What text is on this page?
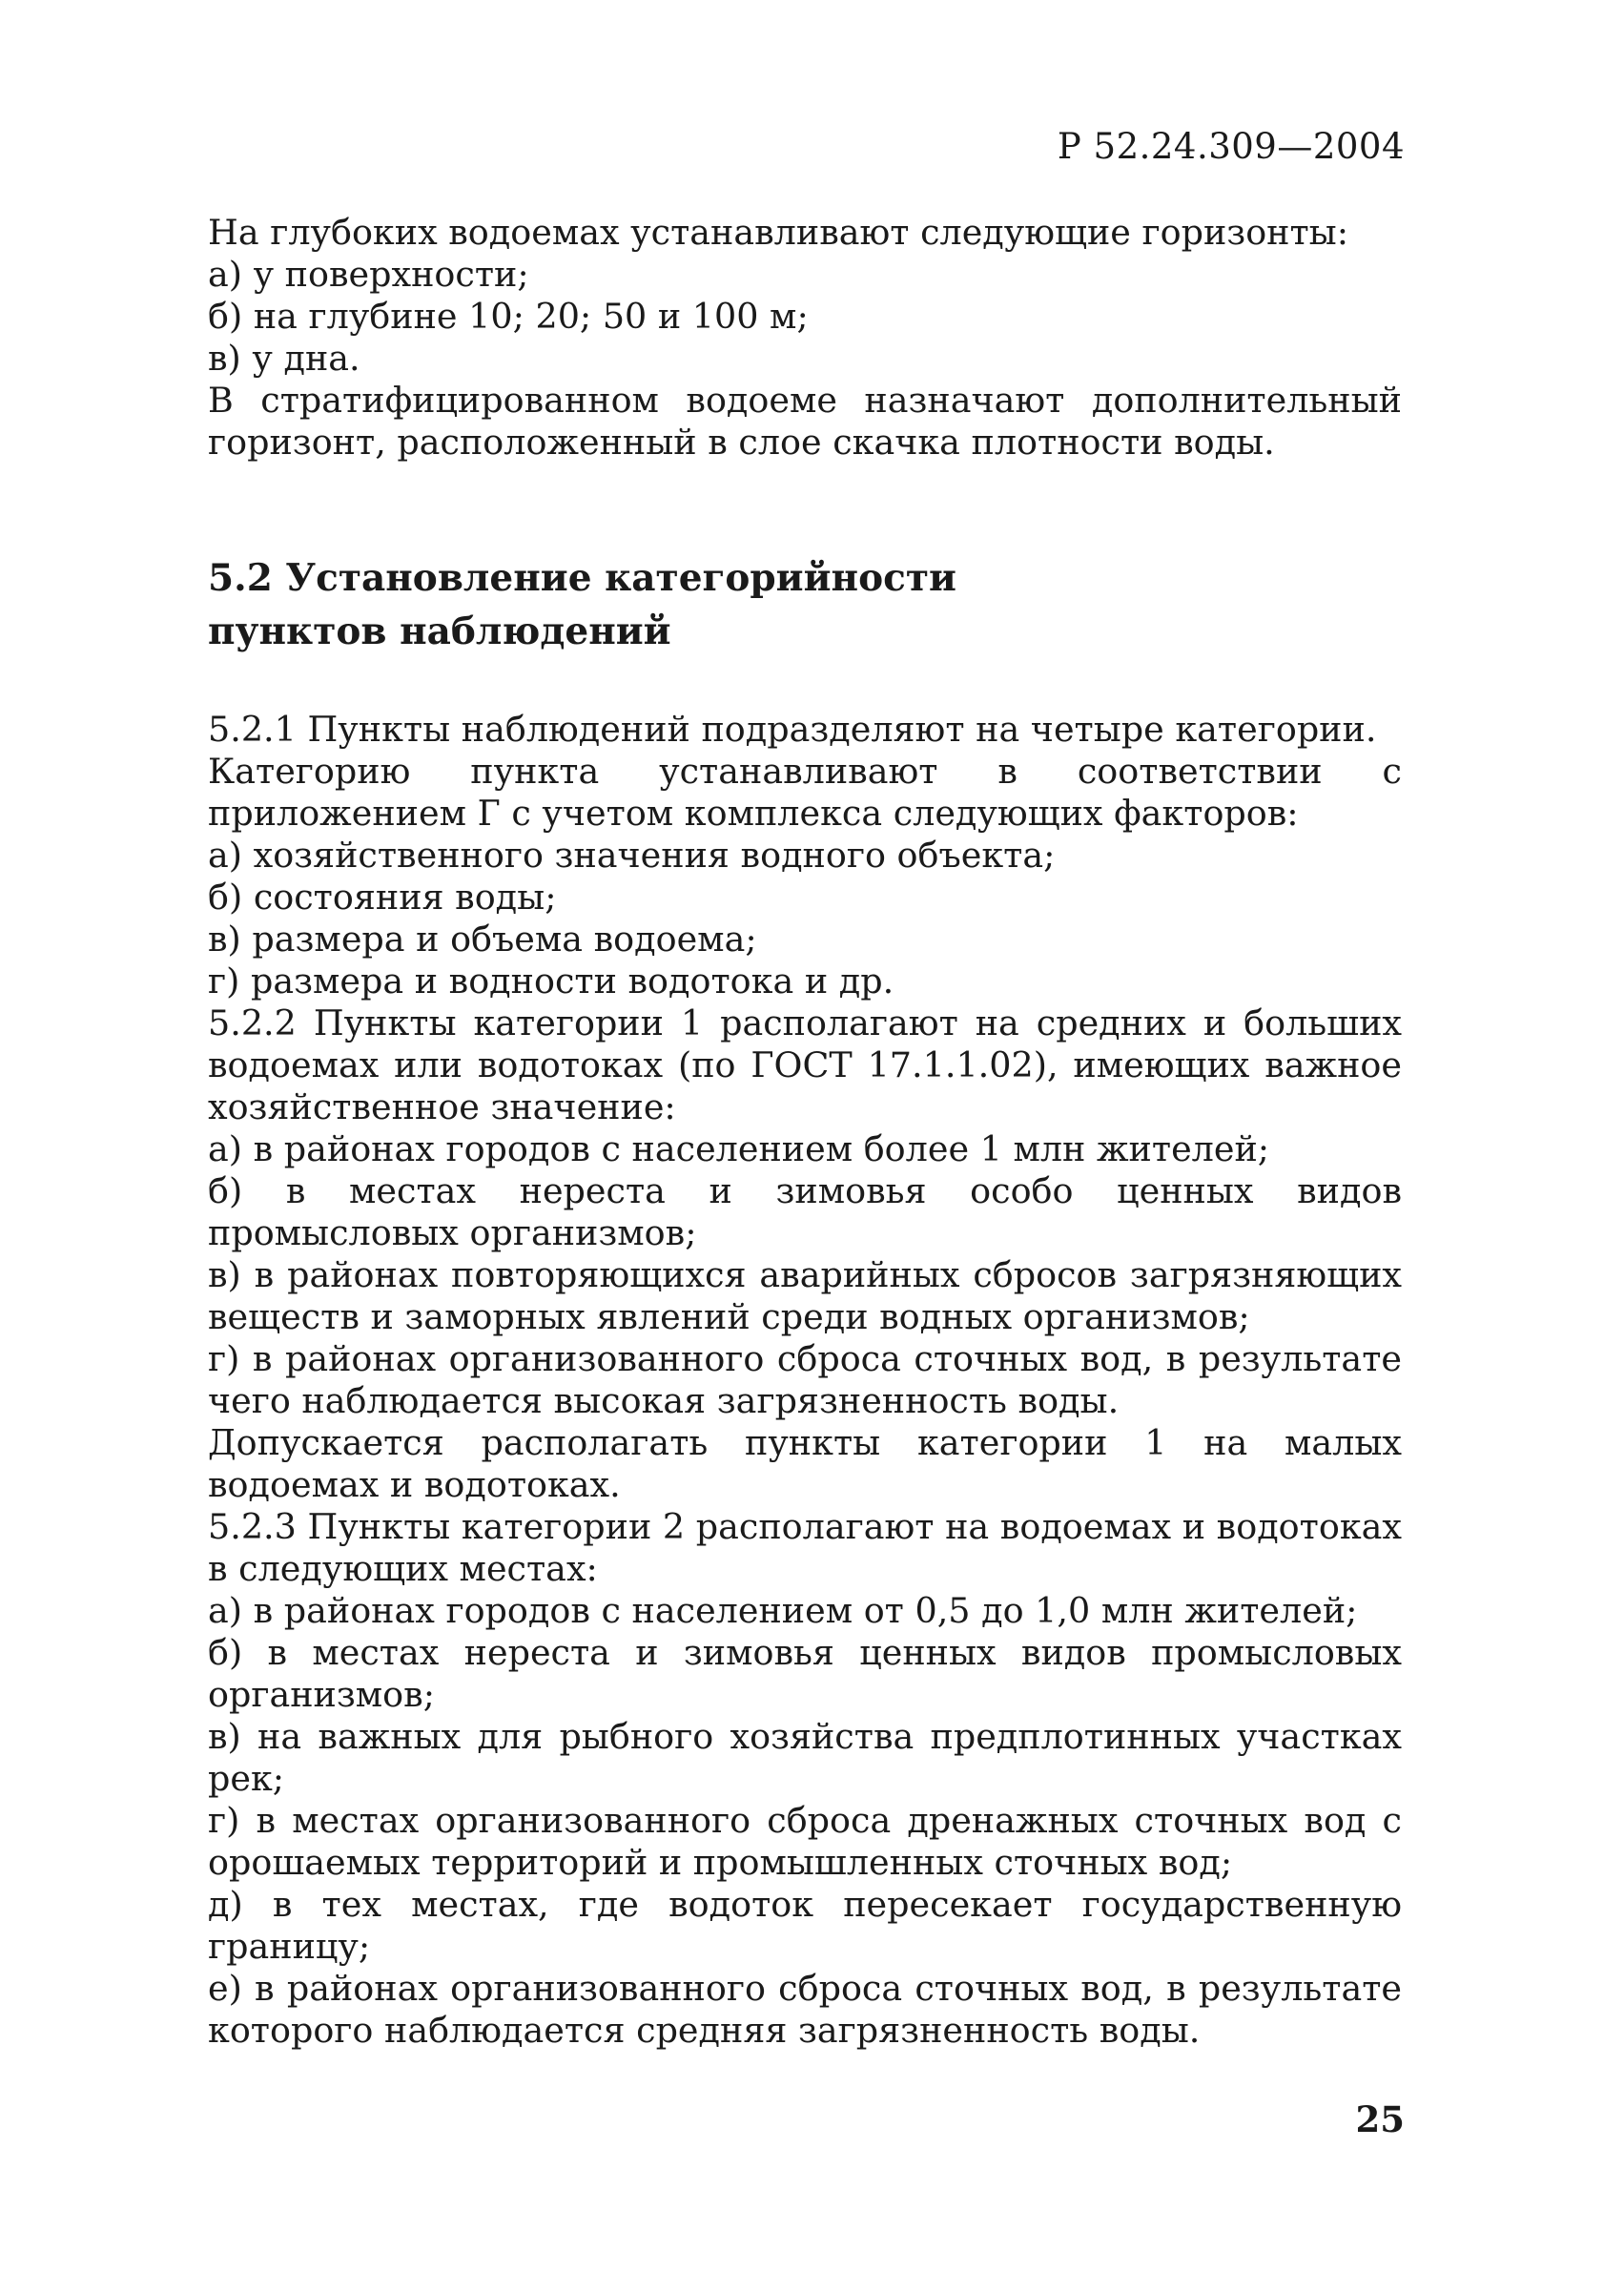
Р 52.24.309—2004

На глубоких водоемах устанавливают следующие горизонты:

а) у поверхности;

б) на глубине 10; 20; 50 и 100 м;

в) у дна.

В стратифицированном водоеме назначают дополнительный горизонт, расположенный в слое скачка плотности воды.

5.2 Установление категорийности

пунктов наблюдений

5.2.1 Пункты наблюдений подразделяют на четыре категории.

Категорию пункта устанавливают в соответствии с приложением Г с учетом комплекса следующих факторов:

а) хозяйственного значения водного объекта;

б) состояния воды;

в) размера и объема водоема;

г) размера и водности водотока и др.

5.2.2 Пункты категории 1 располагают на средних и больших водоемах или водотоках (по ГОСТ 17.1.1.02), имеющих важное хозяйственное значение:

а) в районах городов с населением более 1 млн жителей;

б) в местах нереста и зимовья особо ценных видов промысловых организмов;

в) в районах повторяющихся аварийных сбросов загрязняющих веществ и заморных явлений среди водных организмов;

г) в районах организованного сброса сточных вод, в результате чего наблюдается высокая загрязненность воды.

Допускается располагать пункты категории 1 на малых водоемах и водотоках.

5.2.3 Пункты категории 2 располагают на водоемах и водотоках в следующих местах:

а) в районах городов с населением от 0,5 до 1,0 млн жителей;

б) в местах нереста и зимовья ценных видов промысловых организмов;

в) на важных для рыбного хозяйства предплотинных участках рек;

г) в местах организованного сброса дренажных сточных вод с орошаемых территорий и промышленных сточных вод;

д) в тех местах, где водоток пересекает государственную границу;

е) в районах организованного сброса сточных вод, в результате которого наблюдается средняя загрязненность воды.

25
